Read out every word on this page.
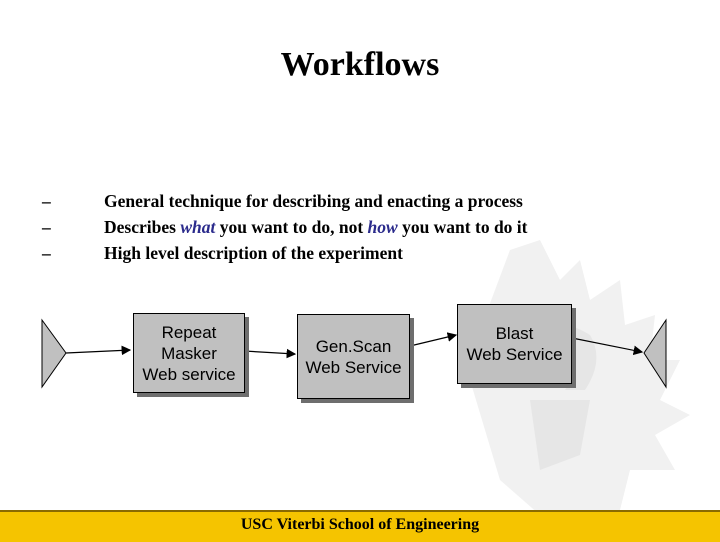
Workflows
–	General technique for describing and enacting a process
–	Describes what you want to do, not how you want to do it
–	High level description of the experiment
Repeat
Masker
Web service
Gen.Scan
Web Service
Blast
Web Service
USC Viterbi School of Engineering
